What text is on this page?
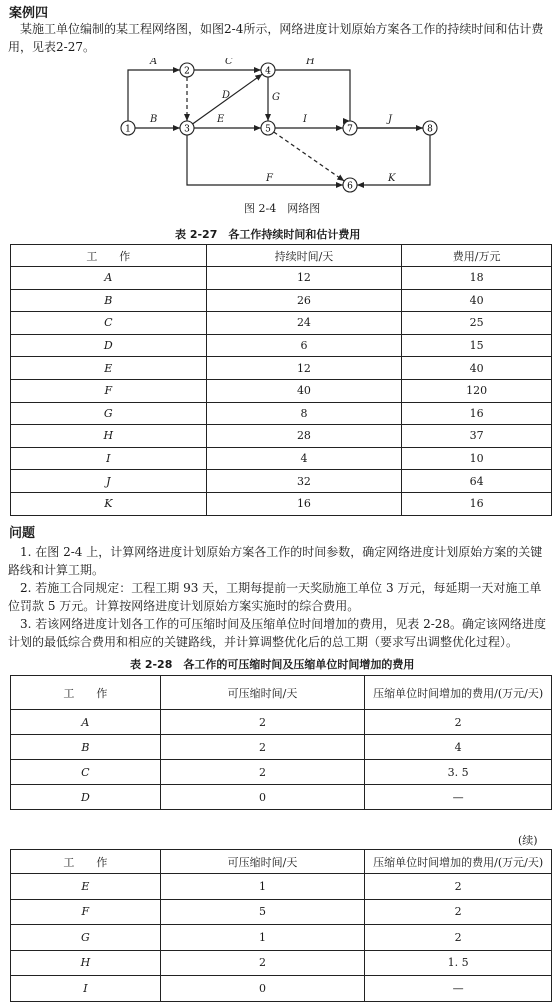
案例四
某施工单位编制的某工程网络图，如图2-4所示，网络进度计划原始方案各工作的持续时间和估计费用，见表2-27。
A
B
C
D
E
F
G
H
I	J
K
1
2
3
4
5
6
7	8
图 2-4　网络图
表 2-27　各工作持续时间和估计费用
工　　作	持续时间/天	费用/万元
A	12	18
B	26	40
C	24	25
D	6	15
E	12	40
F	40	120
G	8	16
H	28	37
I	4	10
J	32	64
K	16	16
问题
1. 在图 2-4 上，计算网络进度计划原始方案各工作的时间参数，确定网络进度计划原始方案的关键路线和计算工期。
2. 若施工合同规定：工程工期 93 天，工期每提前一天奖励施工单位 3 万元，每延期一天对施工单位罚款 5 万元。计算按网络进度计划原始方案实施时的综合费用。
3. 若该网络进度计划各工作的可压缩时间及压缩单位时间增加的费用，见表 2-28。确定该网络进度计划的最低综合费用和相应的关键路线，并计算调整优化后的总工期（要求写出调整优化过程）。
表 2-28　各工作的可压缩时间及压缩单位时间增加的费用
工　　作	可压缩时间/天	压缩单位时间增加的费用/(万元/天)
A	2	2
B	2	4
C	2	3. 5
D	0	—
(续)
工　　作	可压缩时间/天	压缩单位时间增加的费用/(万元/天)
E	1	2
F	5	2
G	1	2
H	2	1. 5
I	0	—
